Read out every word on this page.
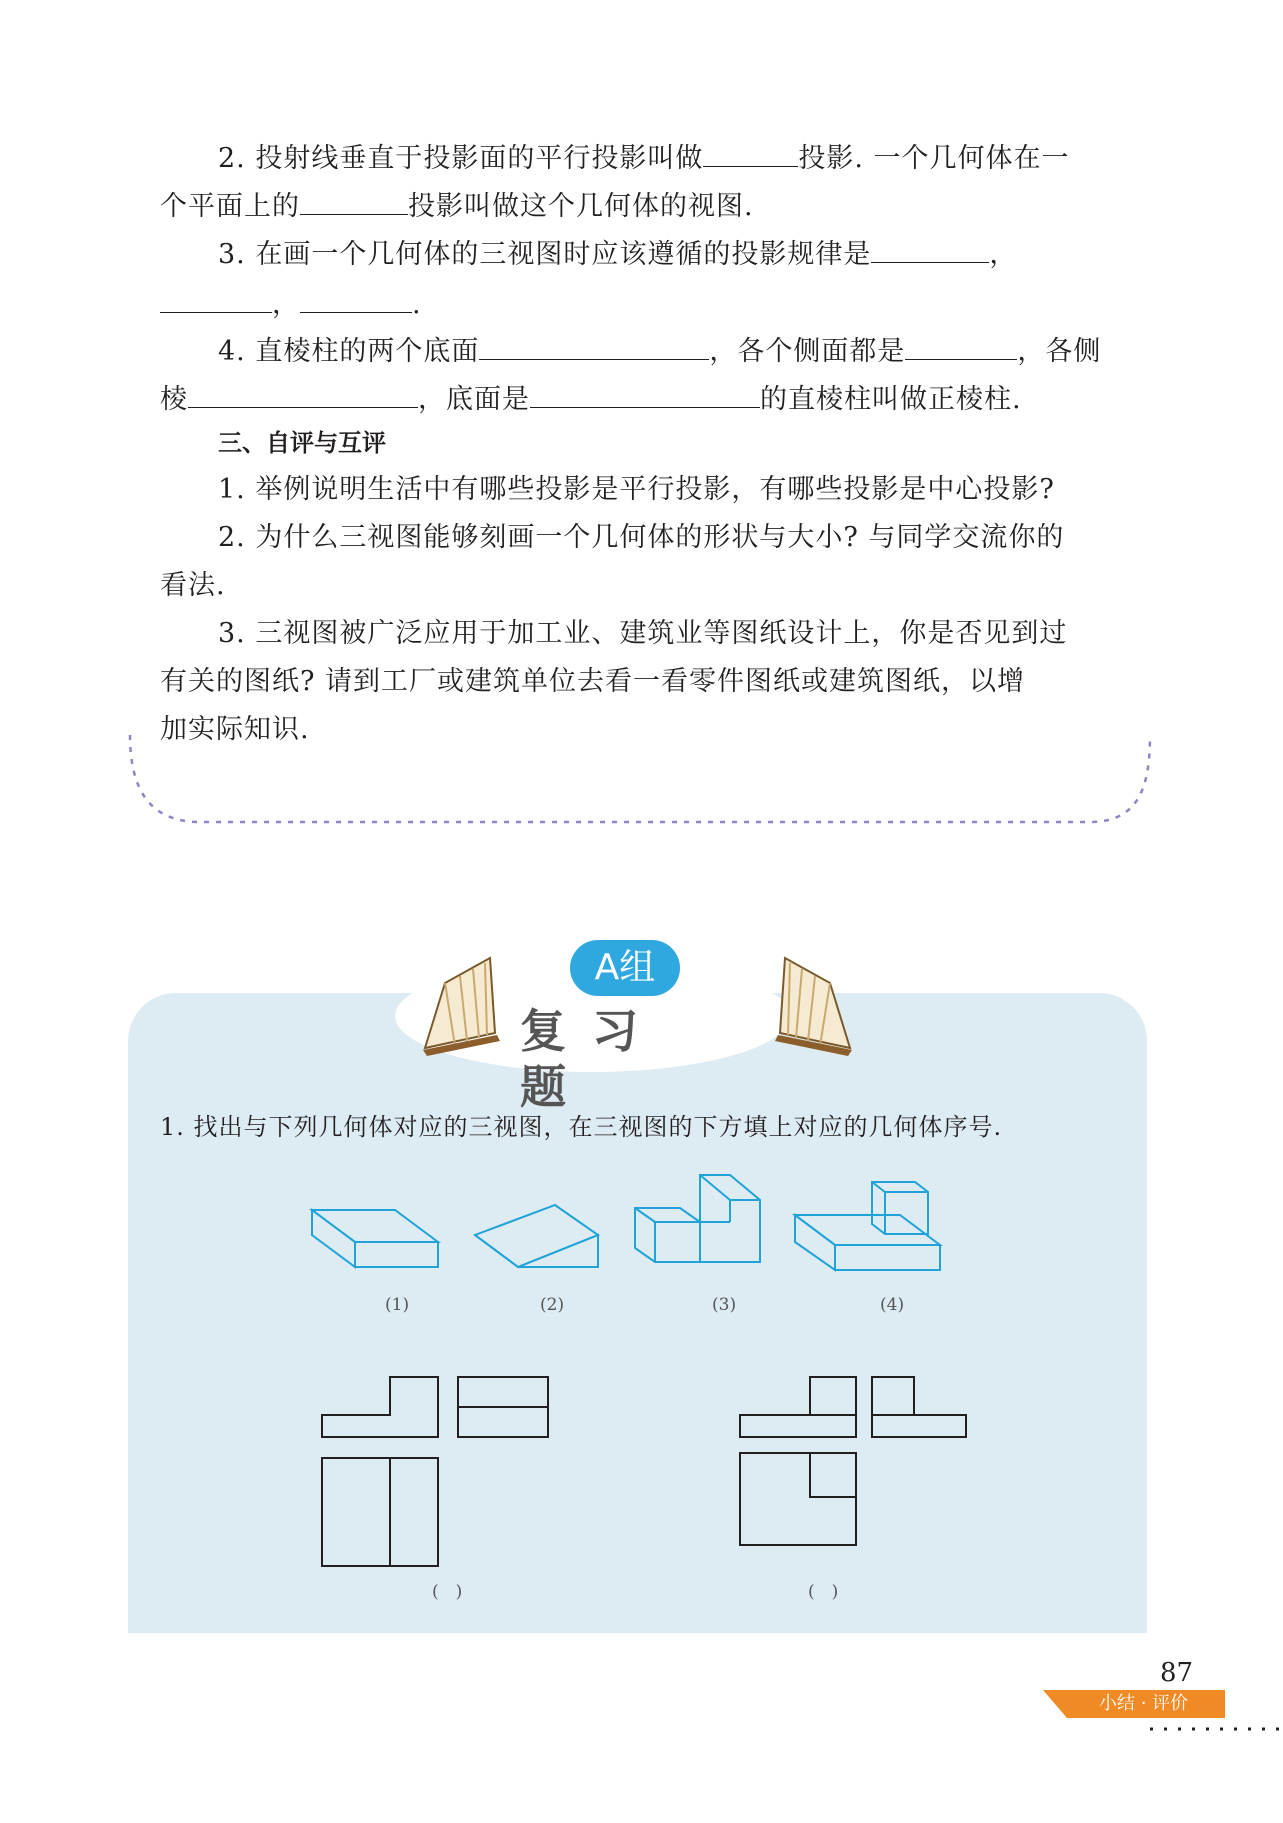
2. 投射线垂直于投影面的平行投影叫做	投影. 一个几何体在一
个平面上的	投影叫做这个几何体的视图.
3. 在画一个几何体的三视图时应该遵循的投影规律是	，
，	.
4. 直棱柱的两个底面	，各个侧面都是	，各侧
棱	，底面是	的直棱柱叫做正棱柱.
三、自评与互评
1. 举例说明生活中有哪些投影是平行投影，有哪些投影是中心投影?
2. 为什么三视图能够刻画一个几何体的形状与大小? 与同学交流你的
看法.
3. 三视图被广泛应用于加工业、建筑业等图纸设计上，你是否见到过
有关的图纸? 请到工厂或建筑单位去看一看零件图纸或建筑图纸，以增
加实际知识.
A组
复习题
1. 找出与下列几何体对应的三视图，在三视图的下方填上对应的几何体序号.
(1)	(2)	(3)	(4)
(　)	(　)
87
小结 · 评价
